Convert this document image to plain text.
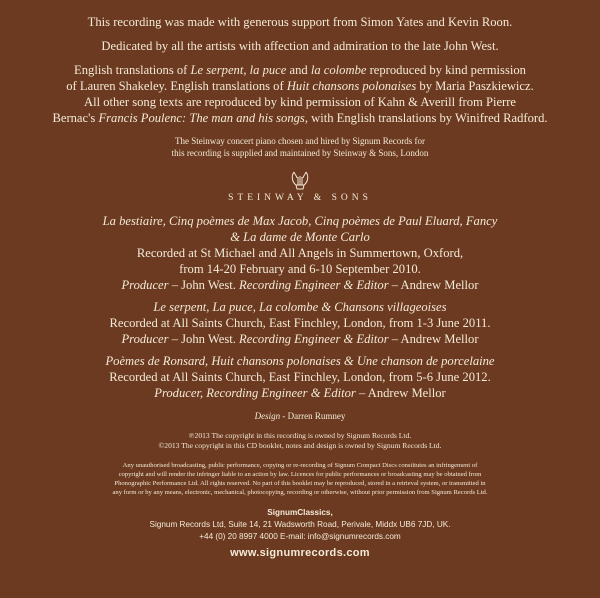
This recording was made with generous support from Simon Yates and Kevin Roon.

Dedicated by all the artists with affection and admiration to the late John West.

English translations of Le serpent, la puce and la colombe reproduced by kind permission
of Lauren Shakeley. English translations of Huit chansons polonaises by Maria Paszkiewicz.
All other song texts are reproduced by kind permission of Kahn & Averill from Pierre
Bernac's Francis Poulenc: The man and his songs, with English translations by Winifred Radford.

The Steinway concert piano chosen and hired by Signum Records for

this recording is supplied and maintained by Steinway & Sons, London

STEINWAY & SONS

La bestiaire, Cinq poèmes de Max Jacob, Cinq poèmes de Paul Eluard, Fancy

& La dame de Monte Carlo

Recorded at St Michael and All Angels in Summertown, Oxford,

from 14-20 February and 6-10 September 2010.

Producer – John West. Recording Engineer & Editor – Andrew Mellor

Le serpent, La puce, La colombe & Chansons villageoises

Recorded at All Saints Church, East Finchley, London, from 1-3 June 2011.

Producer – John West. Recording Engineer & Editor – Andrew Mellor

Poèmes de Ronsard, Huit chansons polonaises & Une chanson de porcelaine

Recorded at All Saints Church, East Finchley, London, from 5-6 June 2012.

Producer, Recording Engineer & Editor – Andrew Mellor

Design - Darren Rumney

℗2013 The copyright in this recording is owned by Signum Records Ltd.

©2013 The copyright in this CD booklet, notes and design is owned by Signum Records Ltd.

Any unauthorised broadcasting, public performance, copying or re-recording of Signum Compact Discs constitutes an infringement of

copyright and will render the infringer liable to an action by law. Licences for public performances or broadcasting may be obtained from

Phonographic Performance Ltd. All rights reserved. No part of this booklet may be reproduced, stored in a retrieval system, or transmitted in

any form or by any means, electronic, mechanical, photocopying, recording or otherwise, without prior permission from Signum Records Ltd.

SignumClassics,

Signum Records Ltd, Suite 14, 21 Wadsworth Road, Perivale, Middx UB6 7JD, UK.

+44 (0) 20 8997 4000 E-mail: info@signumrecords.com

www.signumrecords.com
